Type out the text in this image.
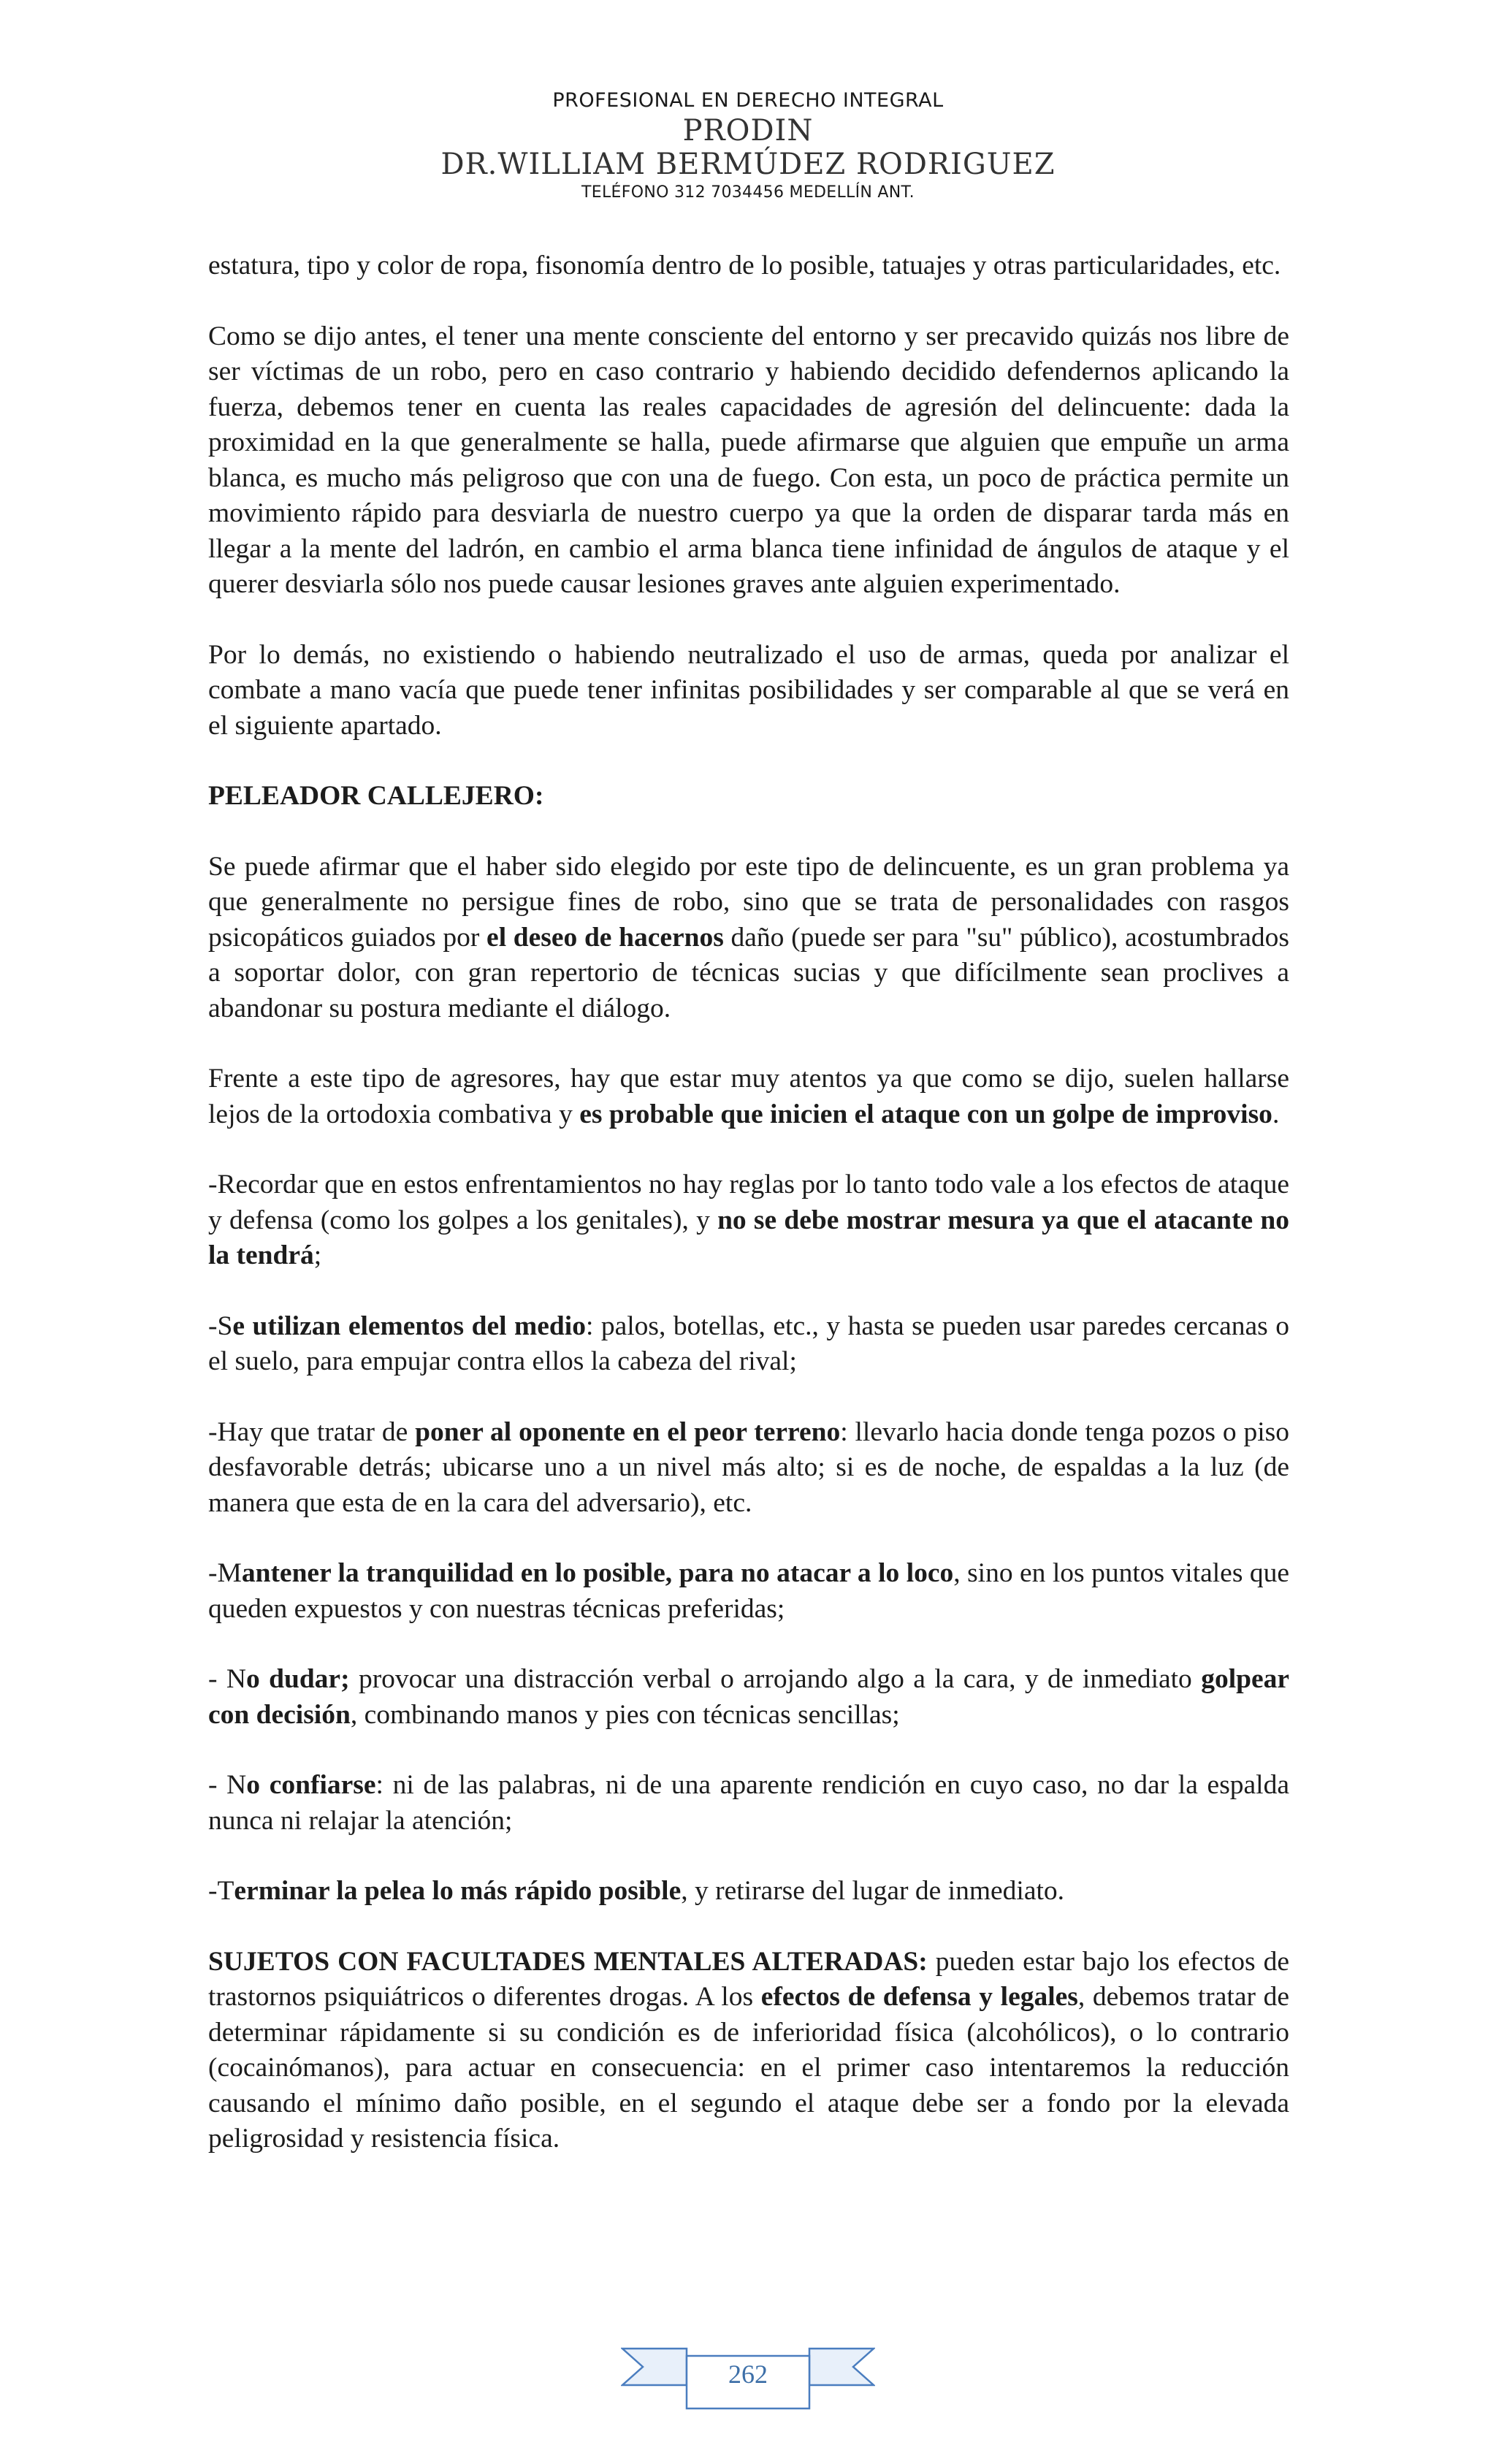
PROFESIONAL EN DERECHO INTEGRAL
PRODIN
DR.WILLIAM BERMÚDEZ RODRIGUEZ
TELÉFONO 312 7034456 MEDELLÍN ANT.

estatura, tipo y color de ropa, fisonomía dentro de lo posible, tatuajes y otras particularidades, etc.

Como se dijo antes, el tener una mente consciente del entorno y ser precavido quizás nos libre de ser víctimas de un robo, pero en caso contrario y habiendo decidido defendernos aplicando la fuerza, debemos tener en cuenta las reales capacidades de agresión del delincuente: dada la proximidad en la que generalmente se halla, puede afirmarse que alguien que empuñe un arma blanca, es mucho más peligroso que con una de fuego. Con esta, un poco de práctica permite un movimiento rápido para desviarla de nuestro cuerpo ya que la orden de disparar tarda más en llegar a la mente del ladrón, en cambio el arma blanca tiene infinidad de ángulos de ataque y el querer desviarla sólo nos puede causar lesiones graves ante alguien experimentado.

Por lo demás, no existiendo o habiendo neutralizado el uso de armas, queda por analizar el combate a mano vacía que puede tener infinitas posibilidades y ser comparable al que se verá en el siguiente apartado.

PELEADOR CALLEJERO:

Se puede afirmar que el haber sido elegido por este tipo de delincuente, es un gran problema ya que generalmente no persigue fines de robo, sino que se trata de personalidades con rasgos psicopáticos guiados por el deseo de hacernos daño (puede ser para "su" público), acostumbrados a soportar dolor, con gran repertorio de técnicas sucias y que difícilmente sean proclives a abandonar su postura mediante el diálogo.

Frente a este tipo de agresores, hay que estar muy atentos ya que como se dijo, suelen hallarse lejos de la ortodoxia combativa y es probable que inicien el ataque con un golpe de improviso.

-Recordar que en estos enfrentamientos no hay reglas por lo tanto todo vale a los efectos de ataque y defensa (como los golpes a los genitales), y no se debe mostrar mesura ya que el atacante no la tendrá;

-Se utilizan elementos del medio: palos, botellas, etc., y hasta se pueden usar paredes cercanas o el suelo, para empujar contra ellos la cabeza del rival;

-Hay que tratar de poner al oponente en el peor terreno: llevarlo hacia donde tenga pozos o piso desfavorable detrás; ubicarse uno a un nivel más alto; si es de noche, de espaldas a la luz (de manera que esta de en la cara del adversario), etc.

-Mantener la tranquilidad en lo posible, para no atacar a lo loco, sino en los puntos vitales que queden expuestos y con nuestras técnicas preferidas;

- No dudar; provocar una distracción verbal o arrojando algo a la cara, y de inmediato golpear con decisión, combinando manos y pies con técnicas sencillas;

- No confiarse: ni de las palabras, ni de una aparente rendición en cuyo caso, no dar la espalda nunca ni relajar la atención;

-Terminar la pelea lo más rápido posible, y retirarse del lugar de inmediato.

SUJETOS CON FACULTADES MENTALES ALTERADAS: pueden estar bajo los efectos de trastornos psiquiátricos o diferentes drogas. A los efectos de defensa y legales, debemos tratar de determinar rápidamente si su condición es de inferioridad física (alcohólicos), o lo contrario (cocainómanos), para actuar en consecuencia: en el primer caso intentaremos la reducción causando el mínimo daño posible, en el segundo el ataque debe ser a fondo por la elevada peligrosidad y resistencia física.

262
